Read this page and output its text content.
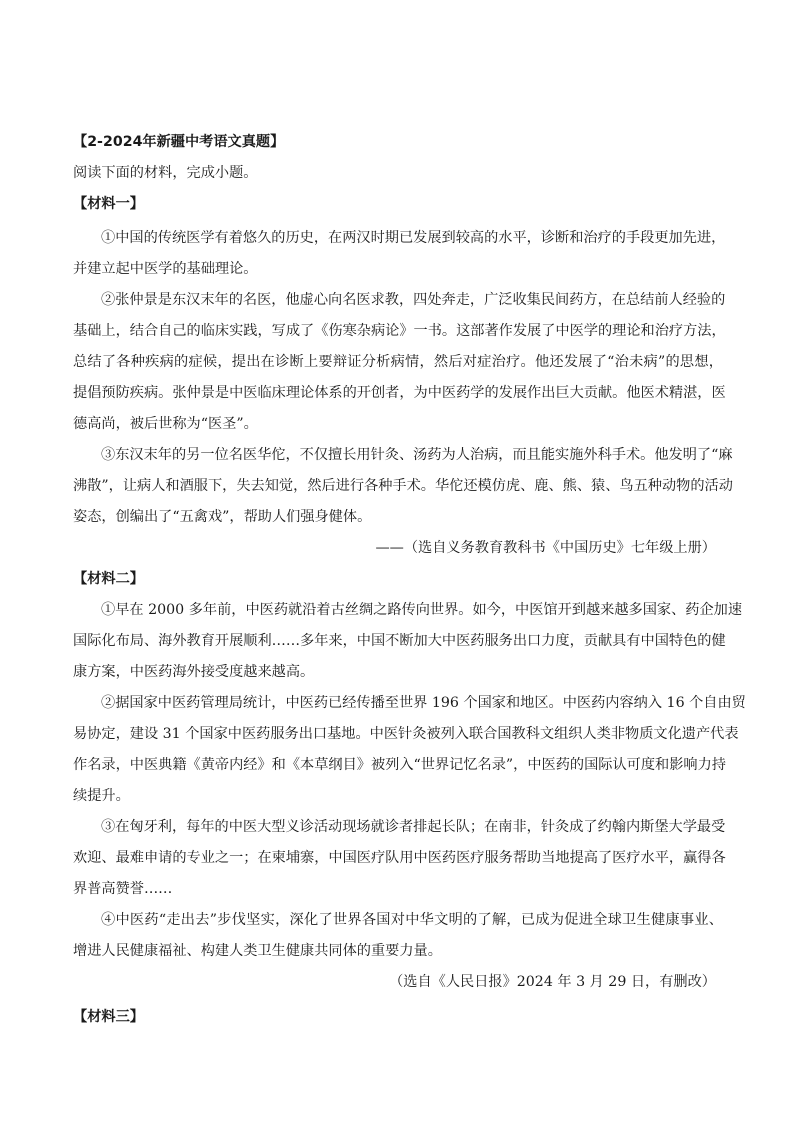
【2-2024年新疆中考语文真题】
阅读下面的材料，完成小题。
【材料一】
①中国的传统医学有着悠久的历史，在两汉时期已发展到较高的水平，诊断和治疗的手段更加先进，
并建立起中医学的基础理论。
②张仲景是东汉末年的名医，他虚心向名医求教，四处奔走，广泛收集民间药方，在总结前人经验的
基础上，结合自己的临床实践，写成了《伤寒杂病论》一书。这部著作发展了中医学的理论和治疗方法，
总结了各种疾病的症候，提出在诊断上要辩证分析病情，然后对症治疗。他还发展了“治未病”的思想，
提倡预防疾病。张仲景是中医临床理论体系的开创者，为中医药学的发展作出巨大贡献。他医术精湛，医
德高尚，被后世称为“医圣”。
③东汉末年的另一位名医华佗，不仅擅长用针灸、汤药为人治病，而且能实施外科手术。他发明了“麻
沸散”，让病人和酒服下，失去知觉，然后进行各种手术。华佗还模仿虎、鹿、熊、猿、鸟五种动物的活动
姿态，创编出了“五禽戏”，帮助人们强身健体。
——（选自义务教育教科书《中国历史》七年级上册）
【材料二】
①早在 2000 多年前，中医药就沿着古丝绸之路传向世界。如今，中医馆开到越来越多国家、药企加速
国际化布局、海外教育开展顺利……多年来，中国不断加大中医药服务出口力度，贡献具有中国特色的健
康方案，中医药海外接受度越来越高。
②据国家中医药管理局统计，中医药已经传播至世界 196 个国家和地区。中医药内容纳入 16 个自由贸
易协定，建设 31 个国家中医药服务出口基地。中医针灸被列入联合国教科文组织人类非物质文化遗产代表
作名录，中医典籍《黄帝内经》和《本草纲目》被列入“世界记忆名录”，中医药的国际认可度和影响力持
续提升。
③在匈牙利，每年的中医大型义诊活动现场就诊者排起长队；在南非，针灸成了约翰内斯堡大学最受
欢迎、最难申请的专业之一；在柬埔寨，中国医疗队用中医药医疗服务帮助当地提高了医疗水平，赢得各
界普高赞誉……
④中医药“走出去”步伐坚实，深化了世界各国对中华文明的了解，已成为促进全球卫生健康事业、
增进人民健康福祉、构建人类卫生健康共同体的重要力量。
（选自《人民日报》2024 年 3 月 29 日，有删改）
【材料三】
